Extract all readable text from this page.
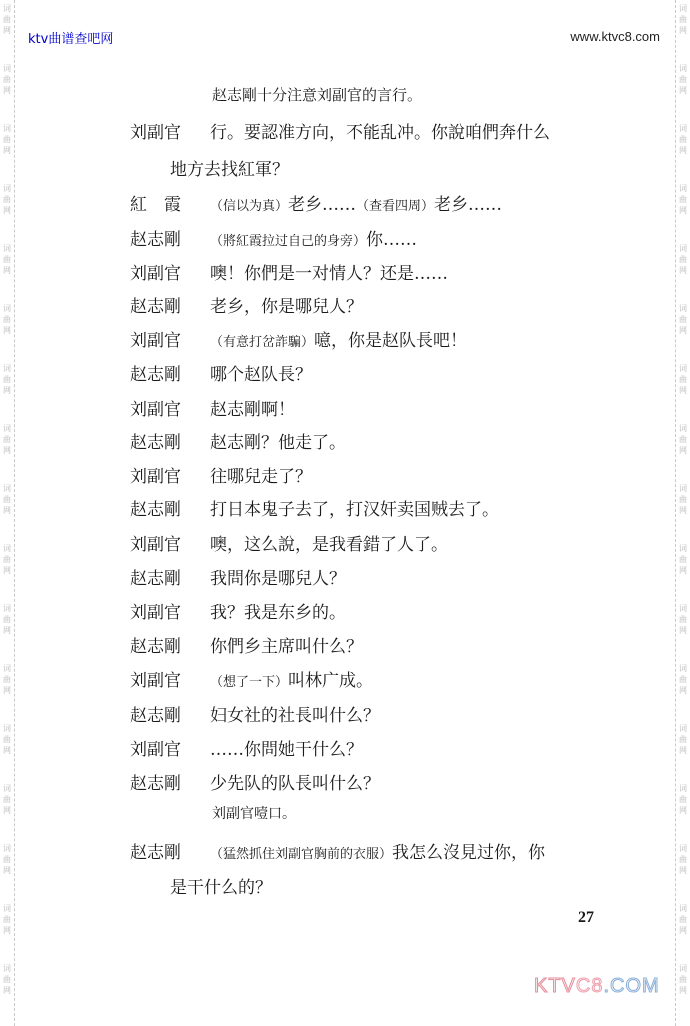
词
曲
网
词
曲
网
词
曲
网
词
曲
网
词
曲
网
词
曲
网
词
曲
网
词
曲
网
词
曲
网
词
曲
网
词
曲
网
词
曲
网
词
曲
网
词
曲
网
词
曲
网
词
曲
网
词
曲
网
词
曲
网
词
曲
网
词
曲
网
词
曲
网
词
曲
网
词
曲
网
词
曲
网
词
曲
网
词
曲
网
词
曲
网
词
曲
网
词
曲
网
词
曲
网
词
曲
网
词
曲
网
词
曲
网
词
曲
网
ktv曲谱查吧网	www.ktvc8.com
赵志剛十分注意刘副官的言行。
刘副官 行。要認准方向，不能乱冲。你說咱們奔什么
地方去找紅軍？
紅　霞 （信以为真）老乡……（查看四周）老乡……
赵志剛 （將紅霞拉过自己的身旁）你……
刘副官 噢！你們是一对情人？还是……
赵志剛 老乡，你是哪兒人？
刘副官 （有意打岔詐騙）噫，你是赵队長吧！
赵志剛 哪个赵队長？
刘副官 赵志剛啊！
赵志剛 赵志剛？他走了。
刘副官 往哪兒走了？
赵志剛 打日本鬼子去了，打汉奸卖国贼去了。
刘副官 噢，这么說，是我看錯了人了。
赵志剛 我問你是哪兒人？
刘副官 我？我是东乡的。
赵志剛 你們乡主席叫什么？
刘副官 （想了一下）叫林广成。
赵志剛 妇女社的社長叫什么？
刘副官 ……你問她干什么？
赵志剛 少先队的队長叫什么？
刘副官噎口。
赵志剛 （猛然抓住刘副官胸前的衣服）我怎么沒見过你，你
是干什么的？
27
KTVC8.COM
